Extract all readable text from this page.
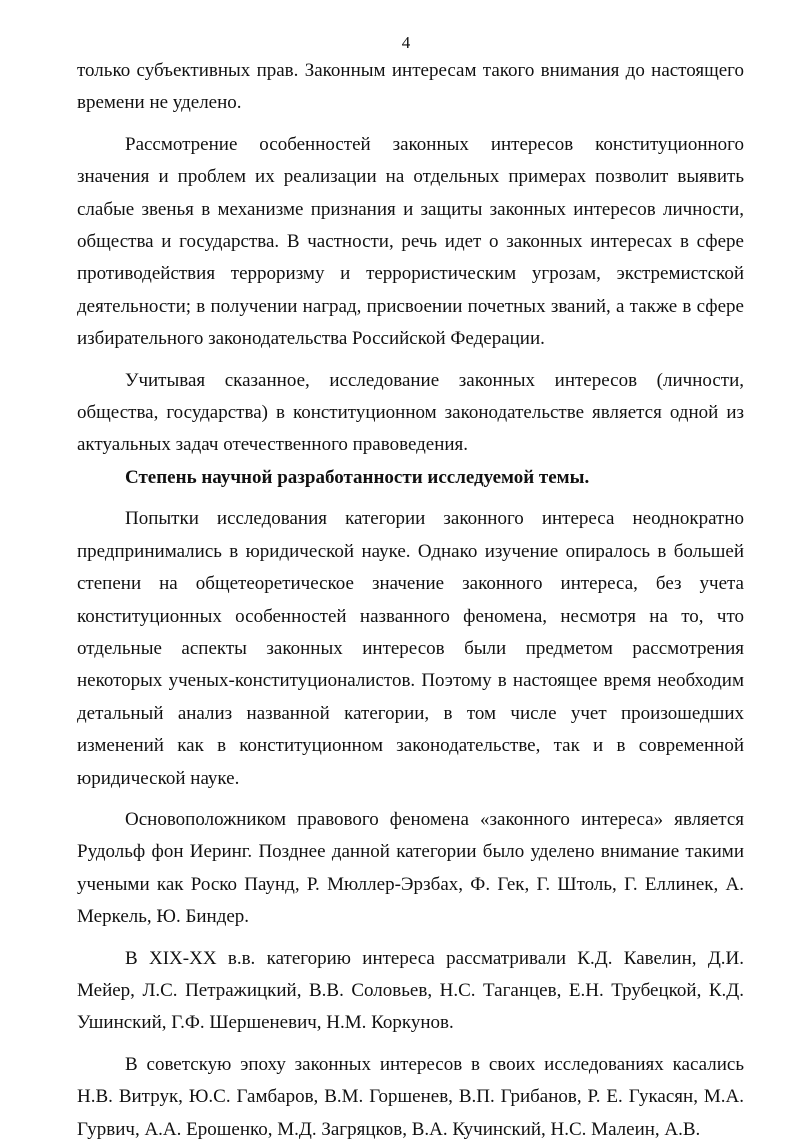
4

только субъективных прав. Законным интересам такого внимания до настоящего времени не уделено.

Рассмотрение особенностей законных интересов конституционного значения и проблем их реализации на отдельных примерах позволит выявить слабые звенья в механизме признания и защиты законных интересов личности, общества и государства. В частности, речь идет о законных интересах в сфере противодействия терроризму и террористическим угрозам, экстремистской деятельности; в получении наград, присвоении почетных званий, а также в сфере избирательного законодательства Российской Федерации.

Учитывая сказанное, исследование законных интересов (личности, общества, государства) в конституционном законодательстве является одной из актуальных задач отечественного правоведения.

Степень научной разработанности исследуемой темы.

Попытки исследования категории законного интереса неоднократно предпринимались в юридической науке. Однако изучение опиралось в большей степени на общетеоретическое значение законного интереса, без учета конституционных особенностей названного феномена, несмотря на то, что отдельные аспекты законных интересов были предметом рассмотрения некоторых ученых-конституционалистов. Поэтому в настоящее время необходим детальный анализ названной категории, в том числе учет произошедших изменений как в конституционном законодательстве, так и в современной юридической науке.

Основоположником правового феномена «законного интереса» является Рудольф фон Иеринг. Позднее данной категории было уделено внимание такими учеными как Роско Паунд, Р. Мюллер-Эрзбах, Ф. Гек, Г. Штоль, Г. Еллинек, А. Меркель, Ю. Биндер.

В XIX-XX в.в. категорию интереса рассматривали К.Д. Кавелин, Д.И. Мейер, Л.С. Петражицкий, В.В. Соловьев, Н.С. Таганцев, Е.Н. Трубецкой, К.Д. Ушинский, Г.Ф. Шершеневич, Н.М. Коркунов.

В советскую эпоху законных интересов в своих исследованиях касались Н.В. Витрук, Ю.С. Гамбаров, В.М. Горшенев, В.П. Грибанов, Р. Е. Гукасян, М.А. Гурвич, А.А. Ерошенко, М.Д. Загряцков, В.А. Кучинский, Н.С. Малеин, А.В.
